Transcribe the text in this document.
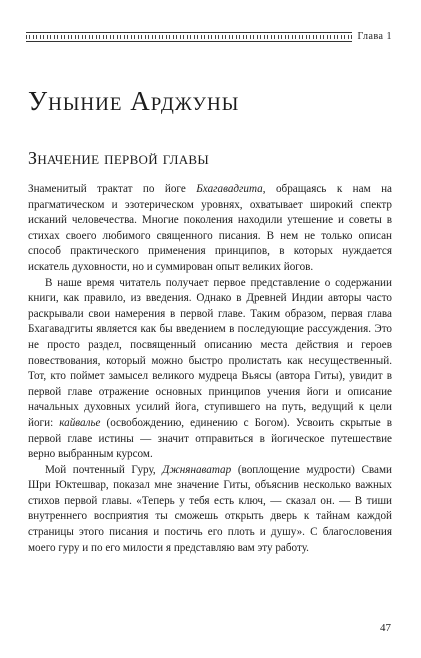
Глава 1
Уныние Арджуны
Значение первой главы

Знаменитый трактат по йоге Бхагавадгита, обращаясь к нам на прагматическом и эзотерическом уровнях, охватывает широкий спектр исканий человечества. Многие поколения находили утешение и советы в стихах своего любимого священного писания. В нем не только описан способ практического применения принципов, в которых нуждается искатель духовности, но и суммирован опыт великих йогов.

В наше время читатель получает первое представление о содержании книги, как правило, из введения. Однако в Древней Индии авторы часто раскрывали свои намерения в первой главе. Таким образом, первая глава Бхагавадгиты является как бы введением в последующие рассуждения. Это не просто раздел, посвященный описанию места действия и героев повествования, который можно быстро пролистать как несущественный. Тот, кто поймет замысел великого мудреца Вьясы (автора Гиты), увидит в первой главе отражение основных принципов учения йоги и описание начальных духовных усилий йога, ступившего на путь, ведущий к цели йоги: кайвалье (освобождению, единению с Богом). Усвоить скрытые в первой главе истины — значит отправиться в йогическое путешествие верно выбранным курсом.

Мой почтенный Гуру, Джнянаватар (воплощение мудрости) Свами Шри Юктешвар, показал мне значение Гиты, объяснив несколько важных стихов первой главы. «Теперь у тебя есть ключ, — сказал он. — В тиши внутреннего восприятия ты сможешь открыть дверь к тайнам каждой страницы этого писания и постичь его плоть и душу». С благословения моего гуру и по его милости я представляю вам эту работу.

47
